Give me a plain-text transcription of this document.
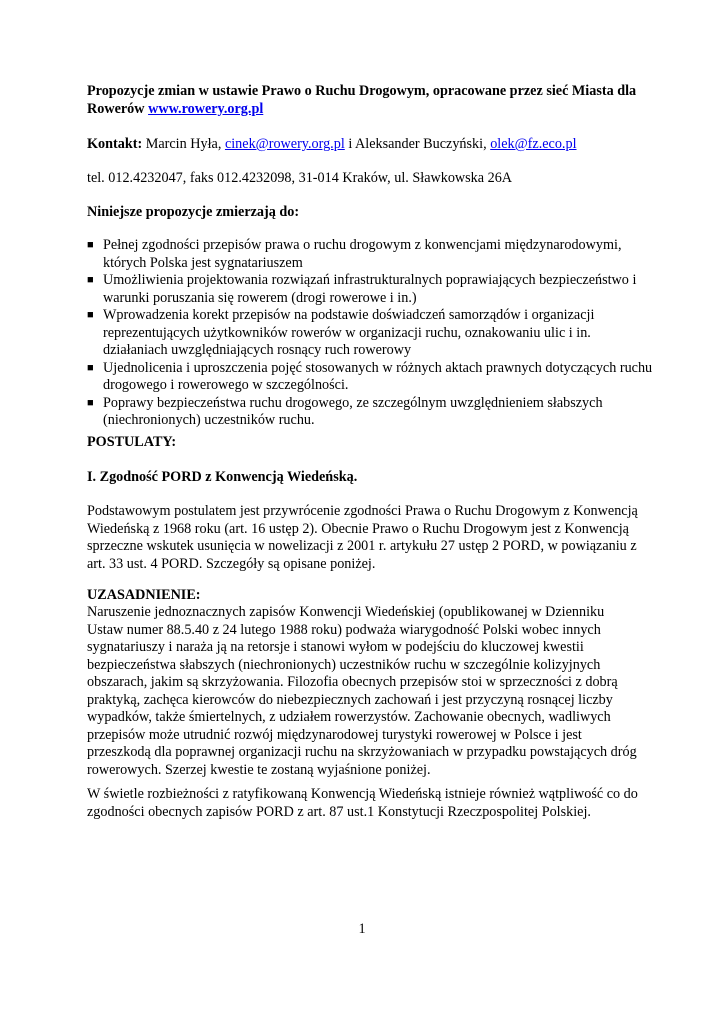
Propozycje zmian w ustawie Prawo o Ruchu Drogowym, opracowane przez sieć Miasta dla Rowerów www.rowery.org.pl
Kontakt: Marcin Hyła, cinek@rowery.org.pl i Aleksander Buczyński, olek@fz.eco.pl
tel. 012.4232047, faks 012.4232098, 31-014 Kraków, ul. Sławkowska 26A
Niniejsze propozycje zmierzają do:
■ Pełnej zgodności przepisów prawa o ruchu drogowym z konwencjami międzynarodowymi, których Polska jest sygnatariuszem
■ Umożliwienia projektowania rozwiązań infrastrukturalnych poprawiających bezpieczeństwo i warunki poruszania się rowerem (drogi rowerowe i in.)
■ Wprowadzenia korekt przepisów na podstawie doświadczeń samorządów i organizacji reprezentujących użytkowników rowerów w organizacji ruchu, oznakowaniu ulic i in. działaniach uwzględniających rosnący ruch rowerowy
■ Ujednolicenia i uproszczenia pojęć stosowanych w różnych aktach prawnych dotyczących ruchu drogowego i rowerowego w szczególności.
■ Poprawy bezpieczeństwa ruchu drogowego, ze szczególnym uwzględnieniem słabszych (niechronionych) uczestników ruchu.
POSTULATY:
I. Zgodność PORD z Konwencją Wiedeńską.
Podstawowym postulatem jest przywrócenie zgodności Prawa o Ruchu Drogowym z Konwencją Wiedeńską z 1968 roku (art. 16 ustęp 2). Obecnie Prawo o Ruchu Drogowym jest z Konwencją sprzeczne wskutek usunięcia w nowelizacji z 2001 r. artykułu 27 ustęp 2 PORD, w powiązaniu z art. 33 ust. 4 PORD. Szczegóły są opisane poniżej.
UZASADNIENIE:
Naruszenie jednoznacznych zapisów Konwencji Wiedeńskiej (opublikowanej w Dzienniku Ustaw numer 88.5.40 z 24 lutego 1988 roku) podważa wiarygodność Polski wobec innych sygnatariuszy i naraża ją na retorsje i stanowi wyłom w podejściu do kluczowej kwestii bezpieczeństwa słabszych (niechronionych) uczestników ruchu w szczególnie kolizyjnych obszarach, jakim są skrzyżowania. Filozofia obecnych przepisów stoi w sprzeczności z dobrą praktyką, zachęca kierowców do niebezpiecznych zachowań i jest przyczyną rosnącej liczby wypadków, także śmiertelnych, z udziałem rowerzystów. Zachowanie obecnych, wadliwych przepisów może utrudnić rozwój międzynarodowej turystyki rowerowej w Polsce i jest przeszkodą dla poprawnej organizacji ruchu na skrzyżowaniach w przypadku powstających dróg rowerowych. Szerzej kwestie te zostaną wyjaśnione poniżej.
W świetle rozbieżności z ratyfikowaną Konwencją Wiedeńską istnieje również wątpliwość co do zgodności obecnych zapisów PORD z art. 87 ust.1 Konstytucji Rzeczpospolitej Polskiej.
1
